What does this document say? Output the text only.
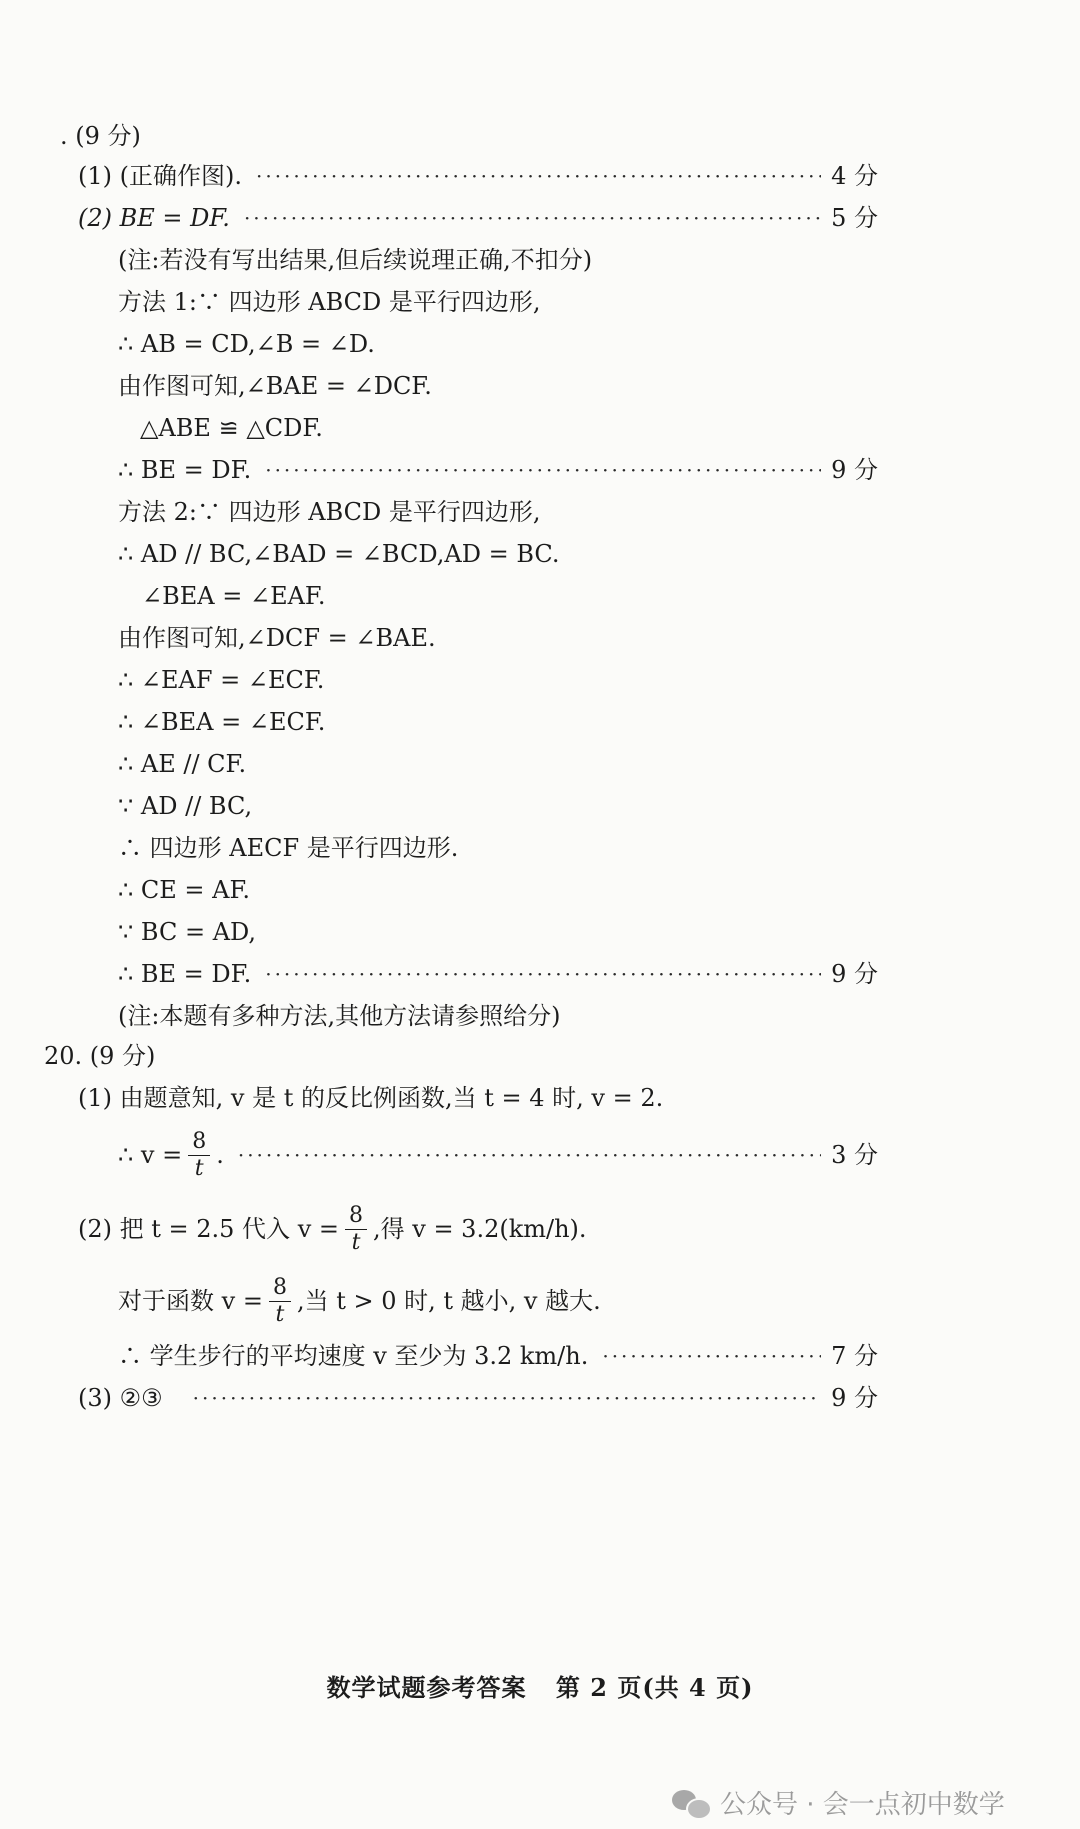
. (9 分)
(1) (正确作图). ·····	4 分
(2) BE = DF. ·····	5 分
(注:若没有写出结果,但后续说理正确,不扣分)
方法 1:∵ 四边形 ABCD 是平行四边形,
∴ AB = CD,∠B = ∠D.
由作图可知,∠BAE = ∠DCF.
△ABE ≌ △CDF.
∴ BE = DF. ·····	9 分
方法 2:∵ 四边形 ABCD 是平行四边形,
∴ AD // BC,∠BAD = ∠BCD,AD = BC.
∠BEA = ∠EAF.
由作图可知,∠DCF = ∠BAE.
∴ ∠EAF = ∠ECF.
∴ ∠BEA = ∠ECF.
∴ AE // CF.
∵ AD // BC,
∴ 四边形 AECF 是平行四边形.
∴ CE = AF.
∵ BC = AD,
∴ BE = DF. ·····	9 分
(注:本题有多种方法,其他方法请参照给分)
20. (9 分)
(1) 由题意知, v 是 t 的反比例函数,当 t = 4 时, v = 2.
∴ $v = \frac{8}{t}$ . ·····	3 分
(2) 把 t = 2.5 代入 $v = \frac{8}{t}$ ,得 v = 3.2(km/h).
对于函数 $v = \frac{8}{t}$ ,当 t > 0 时, t 越小, v 越大.
∴ 学生步行的平均速度 v 至少为 3.2 km/h. ·····	7 分
(3) ②③ ·····	9 分
数学试题参考答案 第 2 页(共 4 页)
公众号 · 会一点初中数学
